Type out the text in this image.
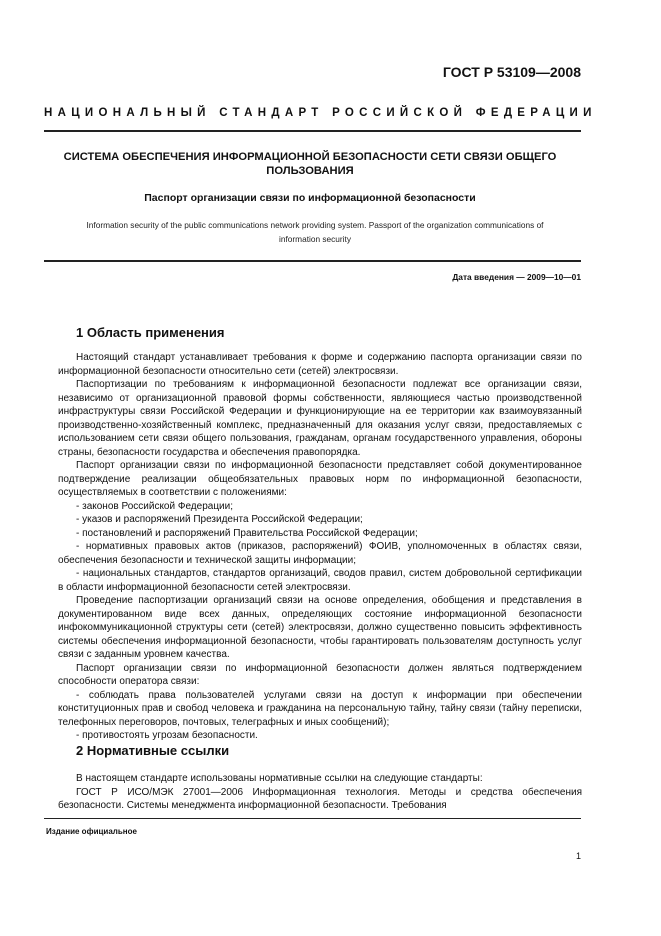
ГОСТ Р 53109—2008
НАЦИОНАЛЬНЫЙ СТАНДАРТ РОССИЙСКОЙ ФЕДЕРАЦИИ
СИСТЕМА ОБЕСПЕЧЕНИЯ ИНФОРМАЦИОННОЙ БЕЗОПАСНОСТИ СЕТИ СВЯЗИ ОБЩЕГО ПОЛЬЗОВАНИЯ
Паспорт организации связи по информационной безопасности
Information security of the public communications network providing system. Passport of the organization communications of information security
Дата введения — 2009—10—01
1 Область применения

Настоящий стандарт устанавливает требования к форме и содержанию паспорта организации связи по информационной безопасности относительно сети (сетей) электросвязи.

Паспортизации по требованиям к информационной безопасности подлежат все организации связи, независимо от организационной правовой формы собственности, являющиеся частью производственной инфраструктуры связи Российской Федерации и функционирующие на ее территории как взаимоувязанный производственно-хозяйственный комплекс, предназначенный для оказания услуг связи, предоставляемых с использованием сети связи общего пользования, гражданам, органам государственного управления, обороны страны, безопасности государства и обеспечения правопорядка.

Паспорт организации связи по информационной безопасности представляет собой документированное подтверждение реализации общеобязательных правовых норм по информационной безопасности, осуществляемых в соответствии с положениями:

- законов Российской Федерации;

- указов и распоряжений Президента Российской Федерации;

- постановлений и распоряжений Правительства Российской Федерации;

- нормативных правовых актов (приказов, распоряжений) ФОИВ, уполномоченных в областях связи, обеспечения безопасности и технической защиты информации;

- национальных стандартов, стандартов организаций, сводов правил, систем добровольной сертификации в области информационной безопасности сетей электросвязи.

Проведение паспортизации организаций связи на основе определения, обобщения и представления в документированном виде всех данных, определяющих состояние информационной безопасности инфокоммуникационной структуры сети (сетей) электросвязи, должно существенно повысить эффективность системы обеспечения информационной безопасности, чтобы гарантировать пользователям доступность услуг связи с заданным уровнем качества.

Паспорт организации связи по информационной безопасности должен являться подтверждением способности оператора связи:

- соблюдать права пользователей услугами связи на доступ к информации при обеспечении конституционных прав и свобод человека и гражданина на персональную тайну, тайну связи (тайну переписки, телефонных переговоров, почтовых, телеграфных и иных сообщений);

- противостоять угрозам безопасности.

2 Нормативные ссылки

В настоящем стандарте использованы нормативные ссылки на следующие стандарты:

ГОСТ Р ИСО/МЭК 27001—2006 Информационная технология. Методы и средства обеспечения безопасности. Системы менеджмента информационной безопасности. Требования

Издание официальное
1
